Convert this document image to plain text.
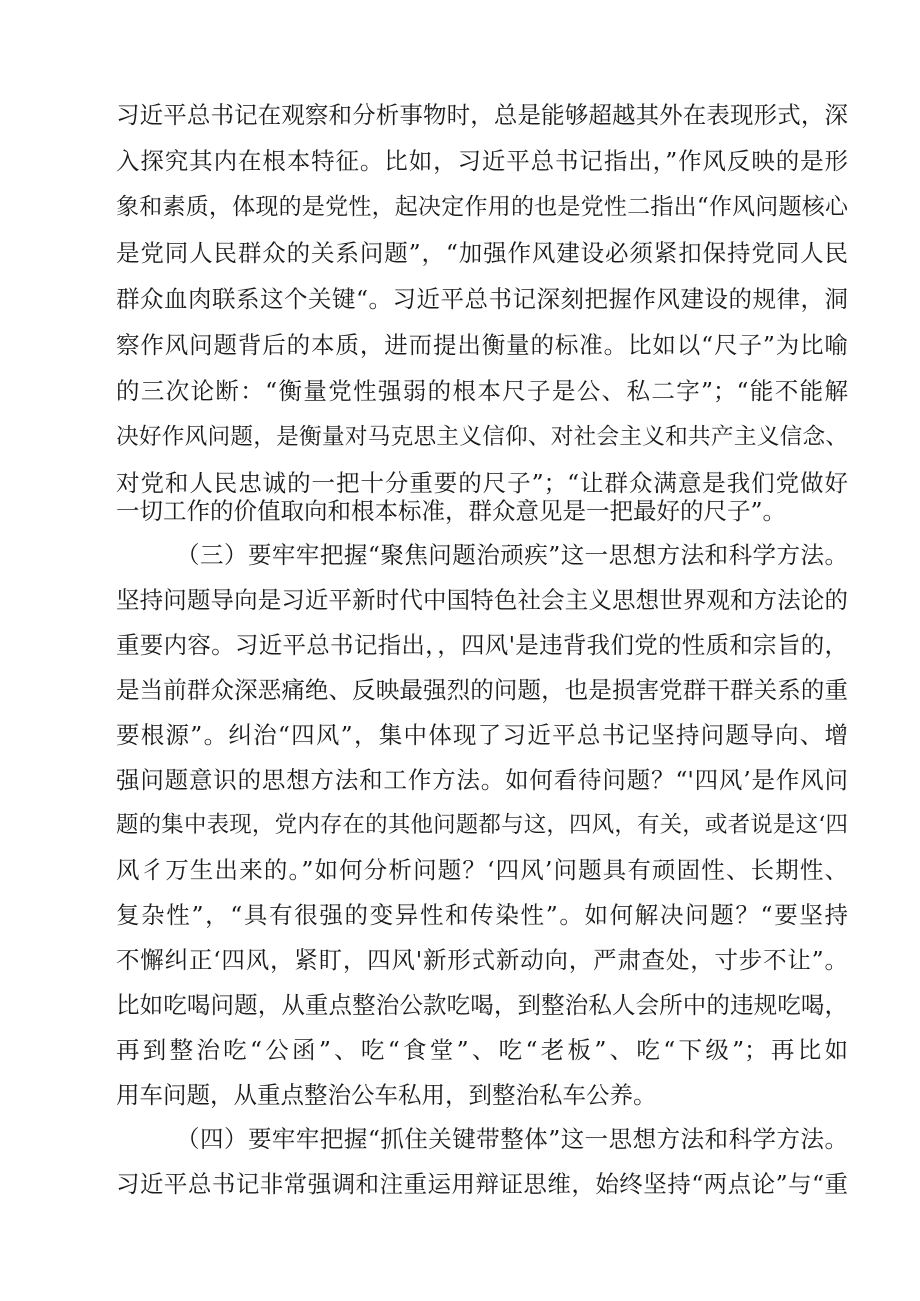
习近平总书记在观察和分析事物时，总是能够超越其外在表现形式，深
入探究其内在根本特征。比如，习近平总书记指出，”作风反映的是形
象和素质，体现的是党性，起决定作用的也是党性二指出“作风问题核心
是党同人民群众的关系问题”，“加强作风建设必须紧扣保持党同人民
群众血肉联系这个关键“。习近平总书记深刻把握作风建设的规律，洞
察作风问题背后的本质，进而提出衡量的标准。比如以“尺子”为比喻
的三次论断：“衡量党性强弱的根本尺子是公、私二字”；“能不能解
决好作风问题，是衡量对马克思主义信仰、对社会主义和共产主义信念、
对党和人民忠诚的一把十分重要的尺子”；“让群众满意是我们党做好
一切工作的价值取向和根本标准，群众意见是一把最好的尺子”。
（三）要牢牢把握“聚焦问题治顽疾”这一思想方法和科学方法。
坚持问题导向是习近平新时代中国特色社会主义思想世界观和方法论的
重要内容。习近平总书记指出，，四风'是违背我们党的性质和宗旨的，
是当前群众深恶痛绝、反映最强烈的问题，也是损害党群干群关系的重
要根源”。纠治“四风”，集中体现了习近平总书记坚持问题导向、增
强问题意识的思想方法和工作方法。如何看待问题？“'四风’是作风问
题的集中表现，党内存在的其他问题都与这，四风，有关，或者说是这‘四
风彳万生出来的。”如何分析问题？‘四风’问题具有顽固性、长期性、
复杂性”，“具有很强的变异性和传染性”。如何解决问题？“要坚持
不懈纠正‘四风，紧盯，四风'新形式新动向，严肃查处，寸步不让”。
比如吃喝问题，从重点整治公款吃喝，到整治私人会所中的违规吃喝，
再到整治吃“公函”、吃“食堂”、吃“老板”、吃“下级”；再比如
用车问题，从重点整治公车私用，到整治私车公养。
（四）要牢牢把握“抓住关键带整体”这一思想方法和科学方法。
习近平总书记非常强调和注重运用辩证思维，始终坚持“两点论”与“重
